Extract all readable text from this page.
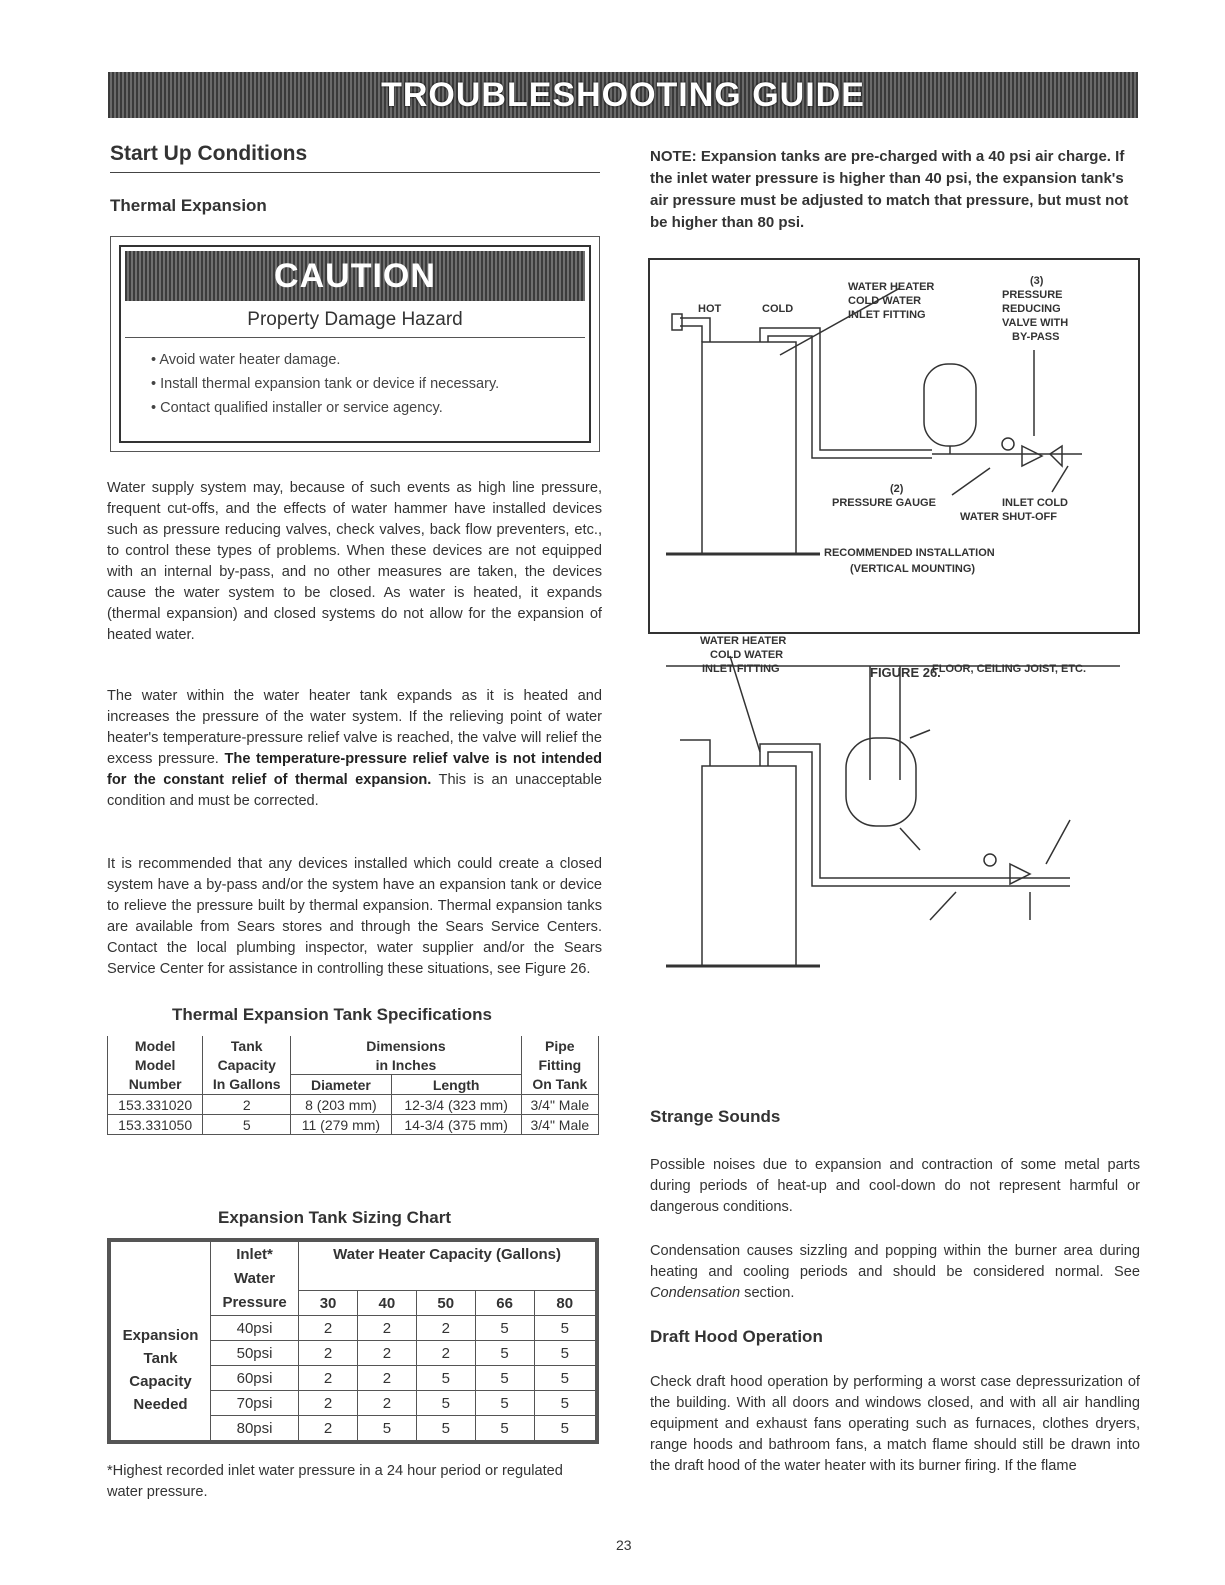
TROUBLESHOOTING GUIDE
Start Up Conditions
Thermal Expansion
CAUTION
Property Damage Hazard
• Avoid water heater damage.
• Install thermal expansion tank or device if necessary.
• Contact qualified installer or service agency.
Water supply system may, because of such events as high line pressure, frequent cut-offs, and the effects of water hammer have installed devices such as pressure reducing valves, check valves, back flow preventers, etc., to control these types of problems. When these devices are not equipped with an internal by-pass, and no other measures are taken, the devices cause the water system to be closed. As water is heated, it expands (thermal expansion) and closed systems do not allow for the expansion of heated water.
The water within the water heater tank expands as it is heated and increases the pressure of the water system. If the relieving point of water heater's temperature-pressure relief valve is reached, the valve will relief the excess pressure. The temperature-pressure relief valve is not intended for the constant relief of thermal expansion. This is an unacceptable condition and must be corrected.
It is recommended that any devices installed which could create a closed system have a by-pass and/or the system have an expansion tank or device to relieve the pressure built by thermal expansion. Thermal expansion tanks are available from Sears stores and through the Sears Service Centers. Contact the local plumbing inspector, water supplier and/or the Sears Service Center for assistance in controlling these situations, see Figure 26.
Thermal Expansion Tank Specifications
Model	Tank	Dimensions		Pipe
Model	Capacity	in Inches		Fitting
Number	In Gallons	Diameter	Length	On Tank
153.331020	2	8 (203 mm)	12-3/4 (323 mm)	3/4" Male
153.331050	5	11 (279 mm)	14-3/4 (375 mm)	3/4" Male
Expansion Tank Sizing Chart
Expansion
Tank
Capacity
Needed	Inlet*	Water Heater Capacity (Gallons)				
	Water					
	Pressure	30	40	50	66	80
	40psi	2	2	2	5	5
	50psi	2	2	2	5	5
	60psi	2	2	5	5	5
	70psi	2	2	5	5	5
	80psi	2	5	5	5	5
*Highest recorded inlet water pressure in a 24 hour period or regulated water pressure.
NOTE: Expansion tanks are pre-charged with a 40 psi air charge. If the inlet water pressure is higher than 40 psi, the expansion tank's air pressure must be adjusted to match that pressure, but must not be higher than 80 psi.
HOT	COLD
WATER HEATER
COLD WATER
INLET FITTING
(3)
PRESSURE
REDUCING
VALVE WITH
BY-PASS
(2)
PRESSURE GAUGE	INLET COLD
WATER SHUT-OFF
RECOMMENDED INSTALLATION
(VERTICAL MOUNTING)
WATER HEATER
COLD WATER
INLET FITTING	FLOOR, CEILING JOIST, ETC.
FIGURE 26.
Strange Sounds
Possible noises due to expansion and contraction of some metal parts during periods of heat-up and cool-down do not represent harmful or dangerous conditions.
Condensation causes sizzling and popping within the burner area during heating and cooling periods and should be considered normal. See Condensation section.
Draft Hood Operation
Check draft hood operation by performing a worst case depressurization of the building. With all doors and windows closed, and with all air handling equipment and exhaust fans operating such as furnaces, clothes dryers, range hoods and bathroom fans, a match flame should still be drawn into the draft hood of the water heater with its burner firing. If the flame
23
